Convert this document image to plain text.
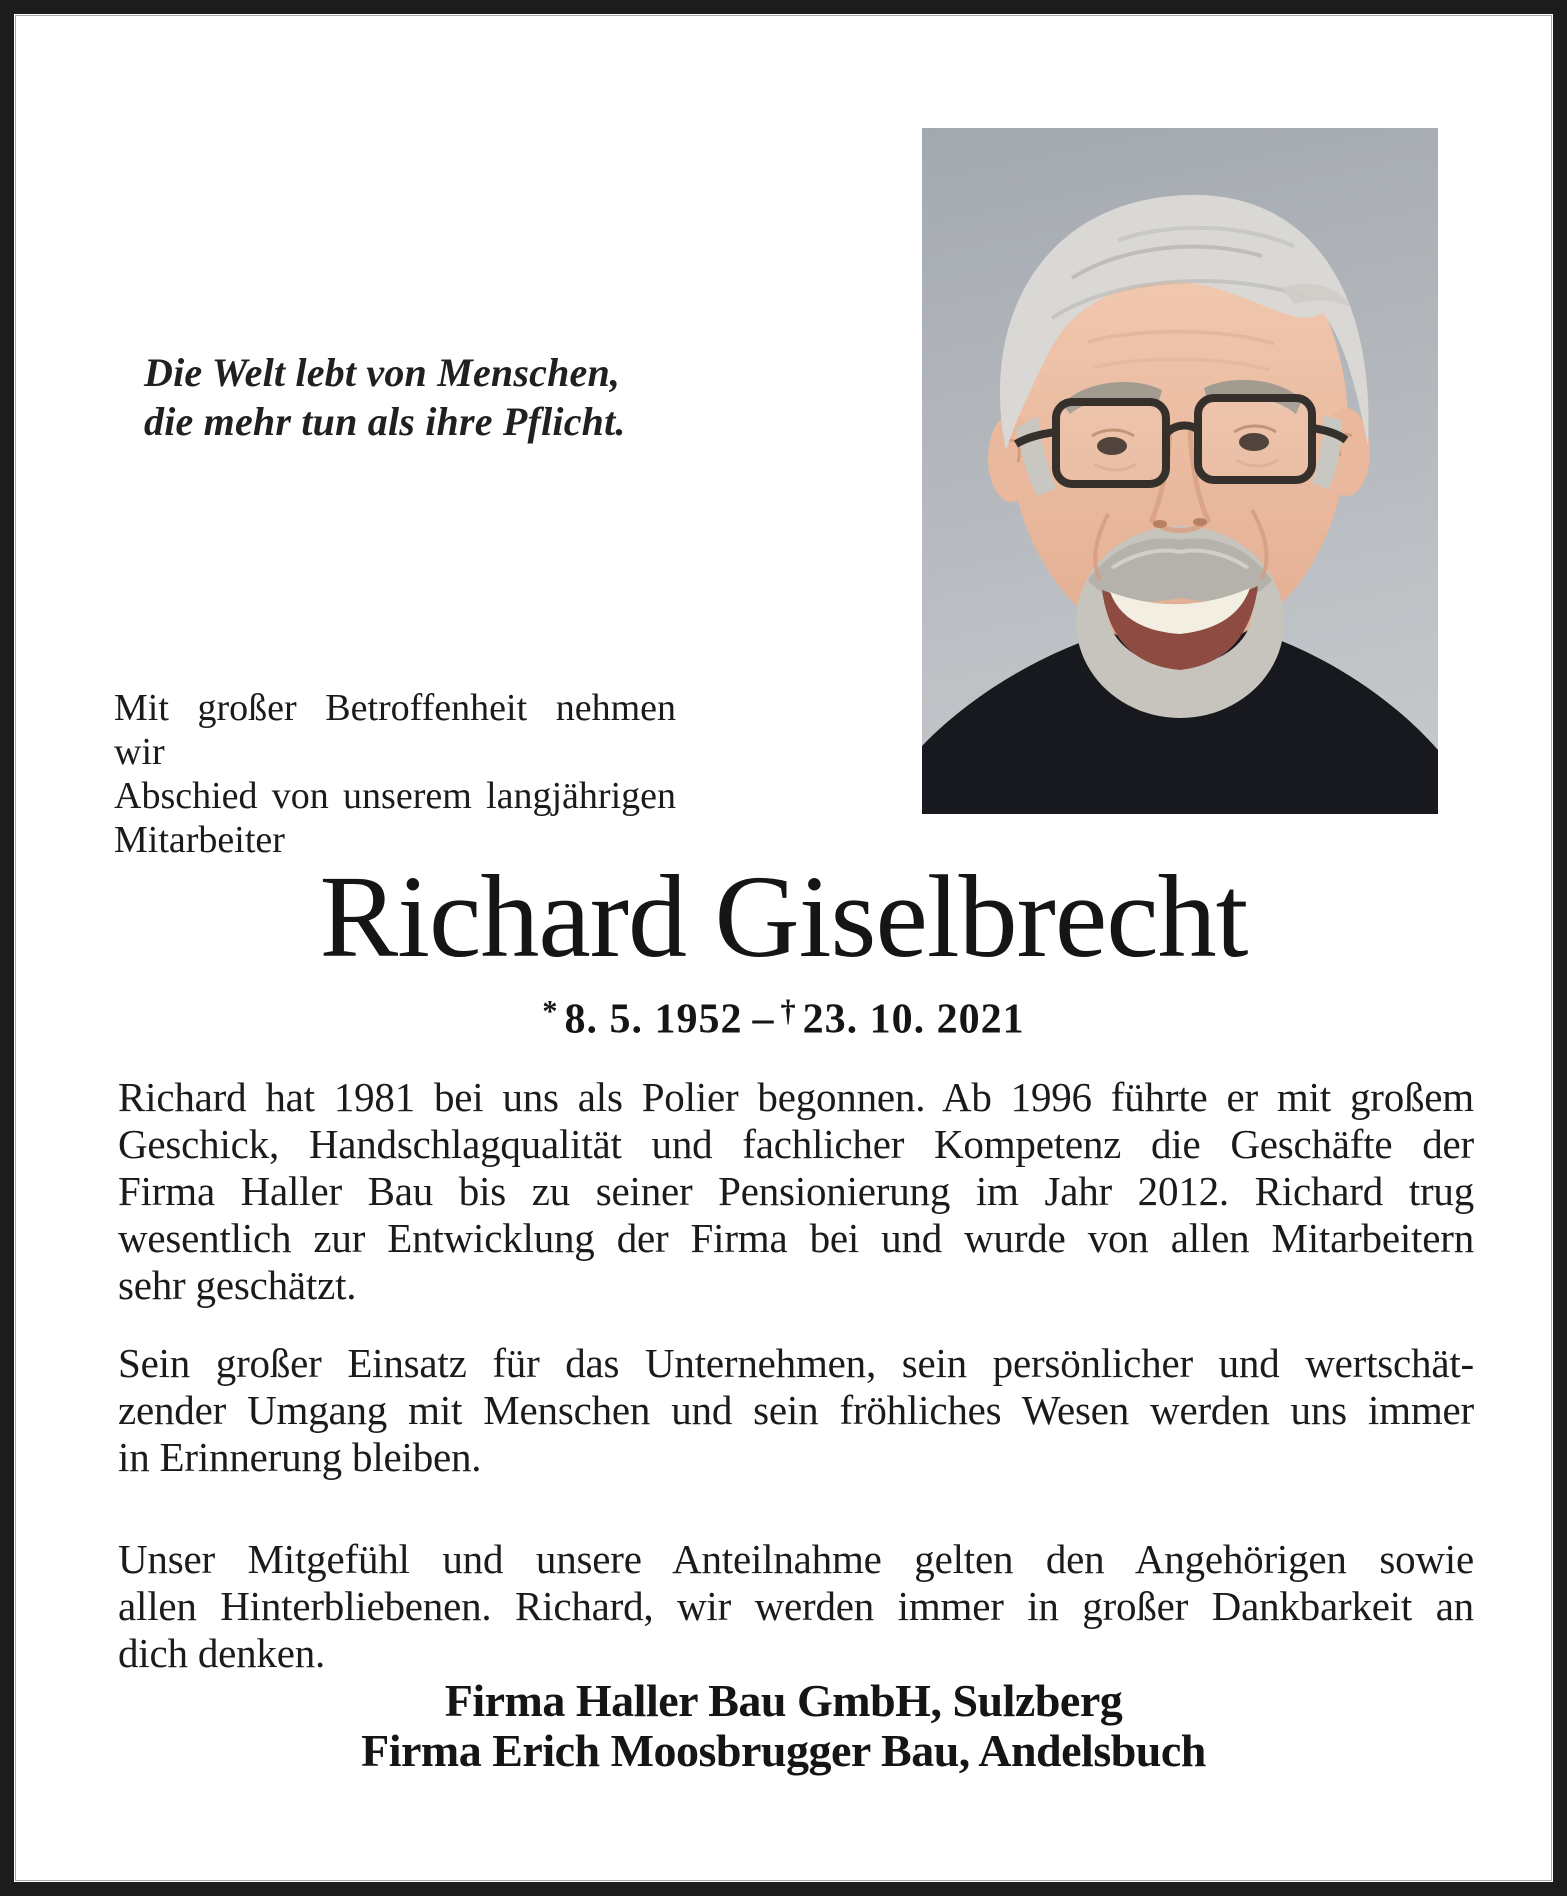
Die Welt lebt von Menschen,
die mehr tun als ihre Pflicht.
Mit großer Betroffenheit nehmen wir
Abschied von unserem langjährigen
Mitarbeiter
Richard Giselbrecht
* 8. 5. 1952 – † 23. 10. 2021
Richard hat 1981 bei uns als Polier begonnen. Ab 1996 führte er mit großem
Geschick, Handschlagqualität und fachlicher Kompetenz die Geschäfte der
Firma Haller Bau bis zu seiner Pensionierung im Jahr 2012. Richard trug
wesentlich zur Entwicklung der Firma bei und wurde von allen Mitarbeitern
sehr geschätzt.
Sein großer Einsatz für das Unternehmen, sein persönlicher und wertschät-
zender Umgang mit Menschen und sein fröhliches Wesen werden uns immer
in Erinnerung bleiben.
Unser Mitgefühl und unsere Anteilnahme gelten den Angehörigen sowie
allen Hinterbliebenen. Richard, wir werden immer in großer Dankbarkeit an
dich denken.
Firma Haller Bau GmbH, Sulzberg
Firma Erich Moosbrugger Bau, Andelsbuch
